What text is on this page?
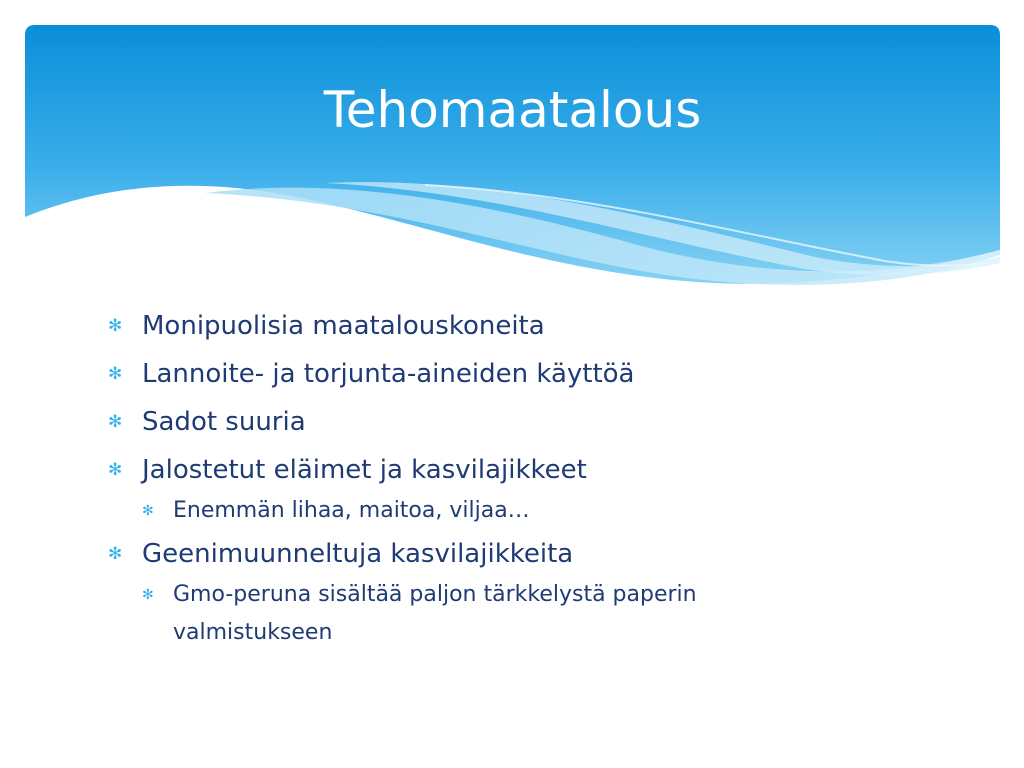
Tehomaatalous
✻ Monipuolisia maatalouskoneita
✻ Lannoite- ja torjunta-aineiden käyttöä
✻ Sadot suuria
✻ Jalostetut eläimet ja kasvilajikkeet
✻ Enemmän lihaa, maitoa, viljaa…
✻ Geenimuunneltuja kasvilajikkeita
✻ Gmo-peruna sisältää paljon tärkkelystä paperin valmistukseen
